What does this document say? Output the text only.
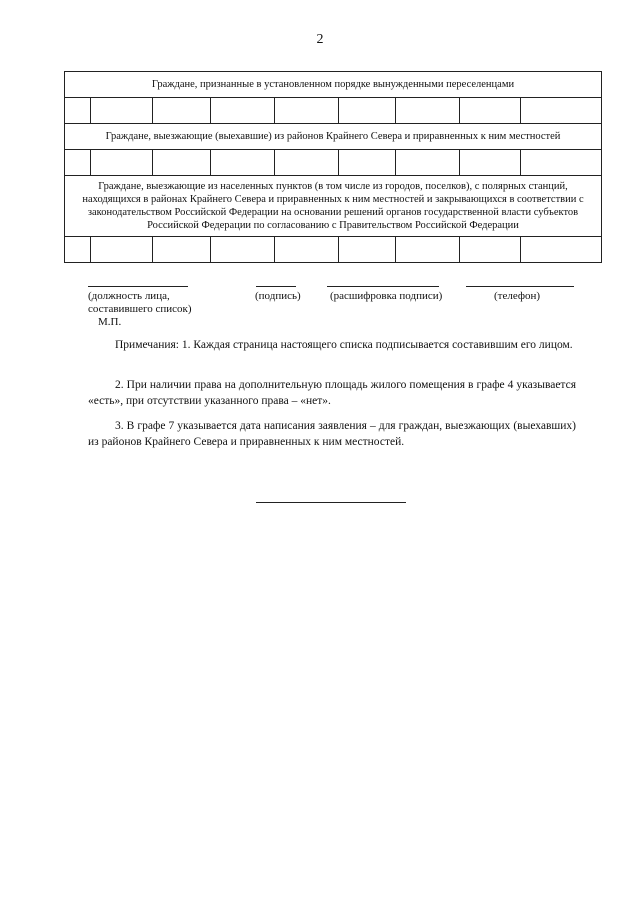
2
Граждане, признанные в установленном порядке вынужденными переселенцами								

Граждане, выезжающие (выехавшие) из районов Крайнего Севера и приравненных к ним местностей								

Граждане, выезжающие из населенных пунктов (в том числе из городов, поселков), с полярных станций, находящихся в районах Крайнего Севера и приравненных к ним местностей и закрывающихся в соответствии с законодательством Российской Федерации на основании решений органов государственной власти субъектов Российской Федерации по согласованию с Правительством Российской Федерации								

(должность лица,
составившего список)
М.П.
(подпись)	(расшифровка подписи)	(телефон)
Примечания: 1. Каждая страница настоящего списка подписывается составившим его лицом.
2. При наличии права на дополнительную площадь жилого помещения в графе 4 указывается «есть», при отсутствии указанного права – «нет».
3. В графе 7 указывается дата написания заявления – для граждан, выезжающих (выехавших) из районов Крайнего Севера и приравненных к ним местностей.
